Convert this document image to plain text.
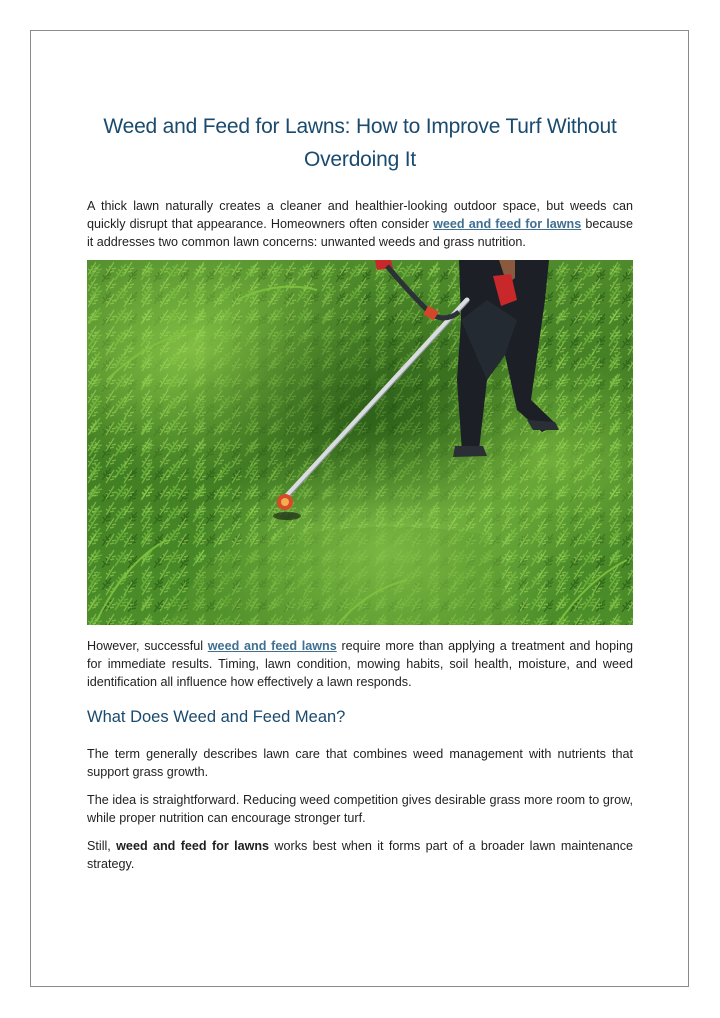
Weed and Feed for Lawns: How to Improve Turf Without Overdoing It

A thick lawn naturally creates a cleaner and healthier-looking outdoor space, but weeds can quickly disrupt that appearance. Homeowners often consider weed and feed for lawns because it addresses two common lawn concerns: unwanted weeds and grass nutrition.

However, successful weed and feed lawns require more than applying a treatment and hoping for immediate results. Timing, lawn condition, mowing habits, soil health, moisture, and weed identification all influence how effectively a lawn responds.

What Does Weed and Feed Mean?

The term generally describes lawn care that combines weed management with nutrients that support grass growth.

The idea is straightforward. Reducing weed competition gives desirable grass more room to grow, while proper nutrition can encourage stronger turf.

Still, weed and feed for lawns works best when it forms part of a broader lawn maintenance strategy.
